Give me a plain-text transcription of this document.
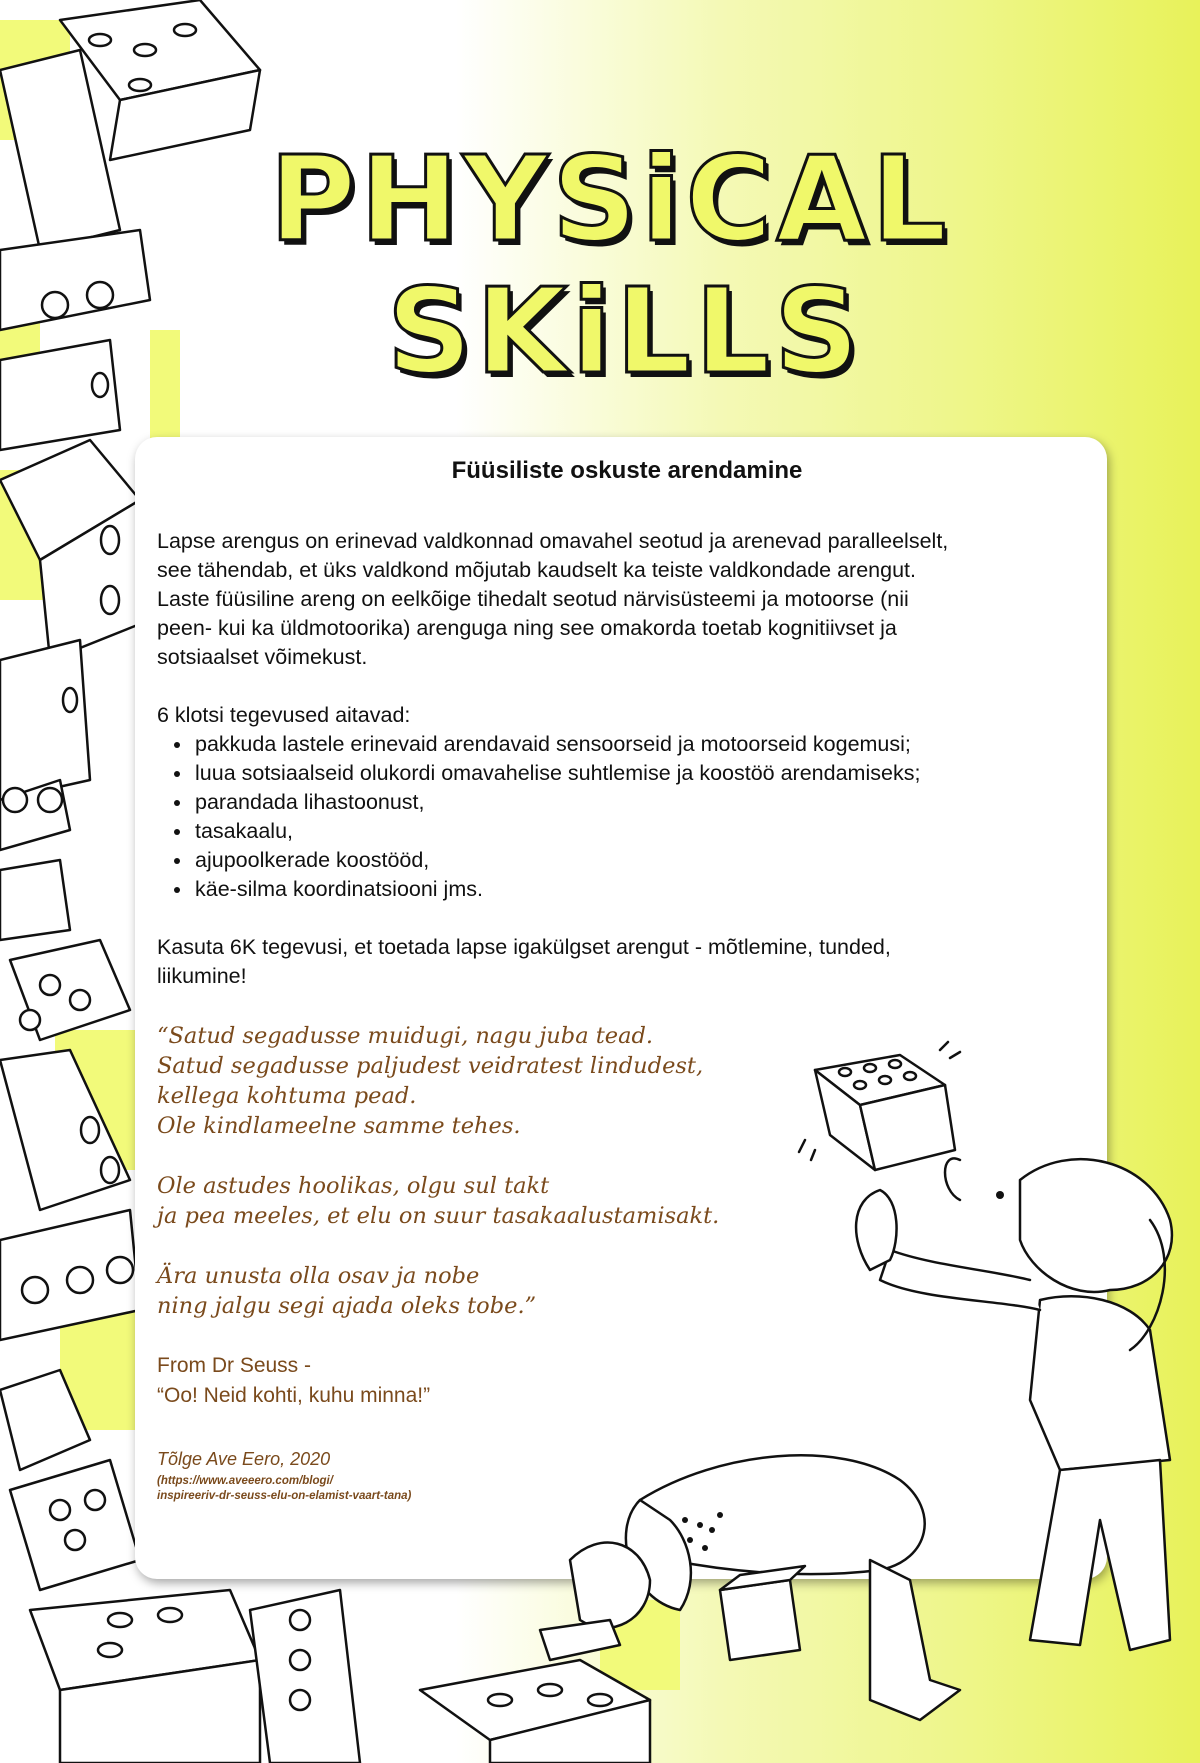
PHYSiCAL
SKiLLS
Füüsiliste oskuste arendamine
Lapse arengus on erinevad valdkonnad omavahel seotud ja arenevad paralleelselt,
see tähendab, et üks valdkond mõjutab kaudselt ka teiste valdkondade arengut.
Laste füüsiline areng on eelkõige tihedalt seotud närvisüsteemi ja motoorse (nii
peen- kui ka üldmotoorika) arenguga ning see omakorda toetab kognitiivset ja
sotsiaalset võimekust.
6 klotsi tegevused aitavad:
• pakkuda lastele erinevaid arendavaid sensoorseid ja motoorseid kogemusi;
• luua sotsiaalseid olukordi omavahelise suhtlemise ja koostöö arendamiseks;
• parandada lihastoonust,
• tasakaalu,
• ajupoolkerade koostööd,
• käe-silma koordinatsiooni jms.
Kasuta 6K tegevusi, et toetada lapse igakülgset arengut - mõtlemine, tunded,
liikumine!
“Satud segadusse muidugi, nagu juba tead.
Satud segadusse paljudest veidratest lindudest,
kellega kohtuma pead.
Ole kindlameelne samme tehes.
Ole astudes hoolikas, olgu sul takt
ja pea meeles, et elu on suur tasakaalustamisakt.
Ära unusta olla osav ja nobe
ning jalgu segi ajada oleks tobe.”
From Dr Seuss -
“Oo! Neid kohti, kuhu minna!”
Tõlge Ave Eero, 2020
(https://www.aveeero.com/blogi/
inspireeriv-dr-seuss-elu-on-elamist-vaart-tana)
